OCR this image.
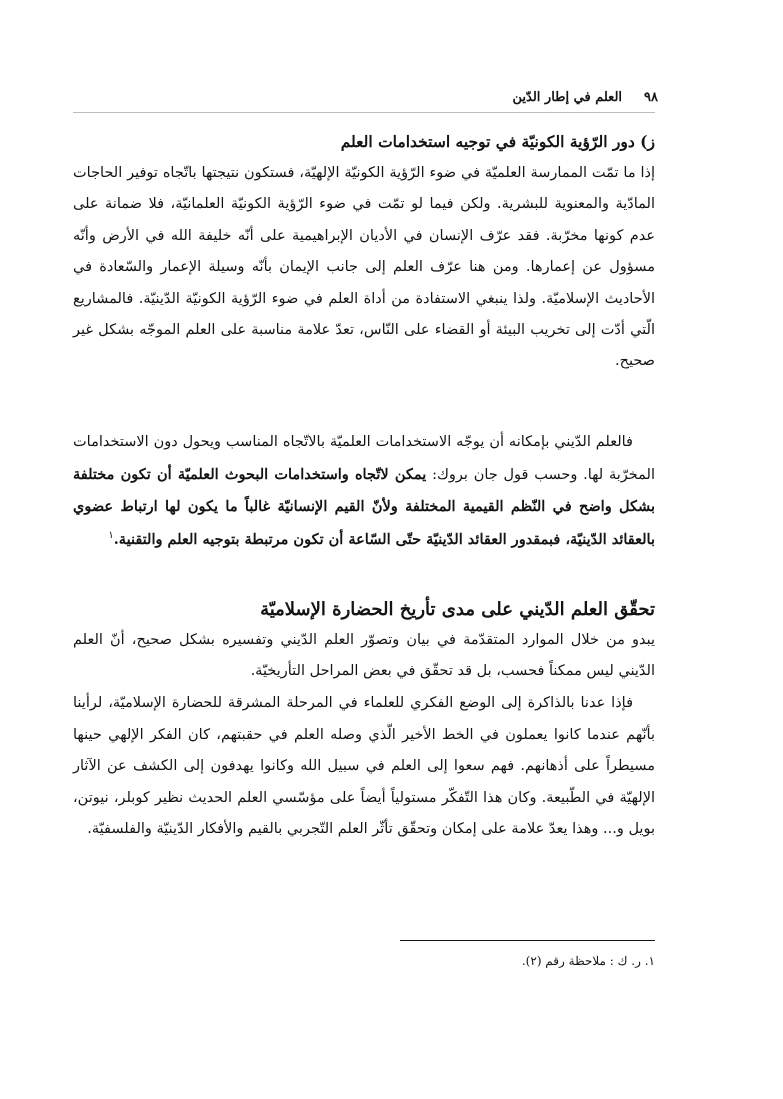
٩٨
العلم في إطار الدّين
ز) دور الرّؤية الكونيّة في توجيه استخدامات العلم
إذا ما تمّت الممارسة العلميّة في ضوء الرّؤية الكونيّة الإلهيّة، فستكون نتيجتها باتّجاه توفير الحاجات المادّية والمعنوية للبشرية. ولكن فيما لو تمّت في ضوء الرّؤية الكونيّة العلمانيّة، فلا ضمانة على عدم كونها مخرّبة. فقد عرّف الإنسان في الأديان الإبراهيمية على أنّه خليفة الله في الأرض وأنّه مسؤول عن إعمارها. ومن هنا عرّف العلم إلى جانب الإيمان بأنّه وسيلة الإعمار والسّعادة في الأحاديث الإسلاميّة. ولذا ينبغي الاستفادة من أداة العلم في ضوء الرّؤية الكونيّة الدّينيّة. فالمشاريع الّتي أدّت إلى تخريب البيئة أو القضاء على النّاس، تعدّ علامة مناسبة على العلم الموجّه بشكل غير صحيح.
فالعلم الدّيني بإمكانه أن يوجّه الاستخدامات العلميّة بالاتّجاه المناسب ويحول دون الاستخدامات المخرّبة لها. وحسب قول جان بروك: يمكن لاتّجاه واستخدامات البحوث العلميّة أن تكون مختلفة بشكل واضح في النّظم القيمية المختلفة ولأنّ القيم الإنسانيّة غالباً ما يكون لها ارتباط عضوي بالعقائد الدّينيّة، فبمقدور العقائد الدّينيّة حتّى السّاعة أن تكون مرتبطة بتوجيه العلم والتقنية.$^١$
تحقّق العلم الدّيني على مدى تأريخ الحضارة الإسلاميّة
يبدو من خلال الموارد المتقدّمة في بيان وتصوّر العلم الدّيني وتفسيره بشكل صحيح، أنّ العلم الدّيني ليس ممكناً فحسب، بل قد تحقّق في بعض المراحل التأريخيّة.
فإذا عدنا بالذاكرة إلى الوضع الفكري للعلماء في المرحلة المشرقة للحضارة الإسلاميّة، لرأينا بأنّهم عندما كانوا يعملون في الخط الأخير الّذي وصله العلم في حقبتهم، كان الفكر الإلهي حينها مسيطراً على أذهانهم. فهم سعوا إلى العلم في سبيل الله وكانوا يهدفون إلى الكشف عن الآثار الإلهيّة في الطّبيعة. وكان هذا التّفكّر مستولياً أيضاً على مؤسّسي العلم الحديث نظير كوبلر، نيوتن، بويل و... وهذا يعدّ علامة على إمكان وتحقّق تأثّر العلم التّجربي بالقيم والأفكار الدّينيّة والفلسفيّة.
١. ر. ك : ملاحظة رقم (٢).
